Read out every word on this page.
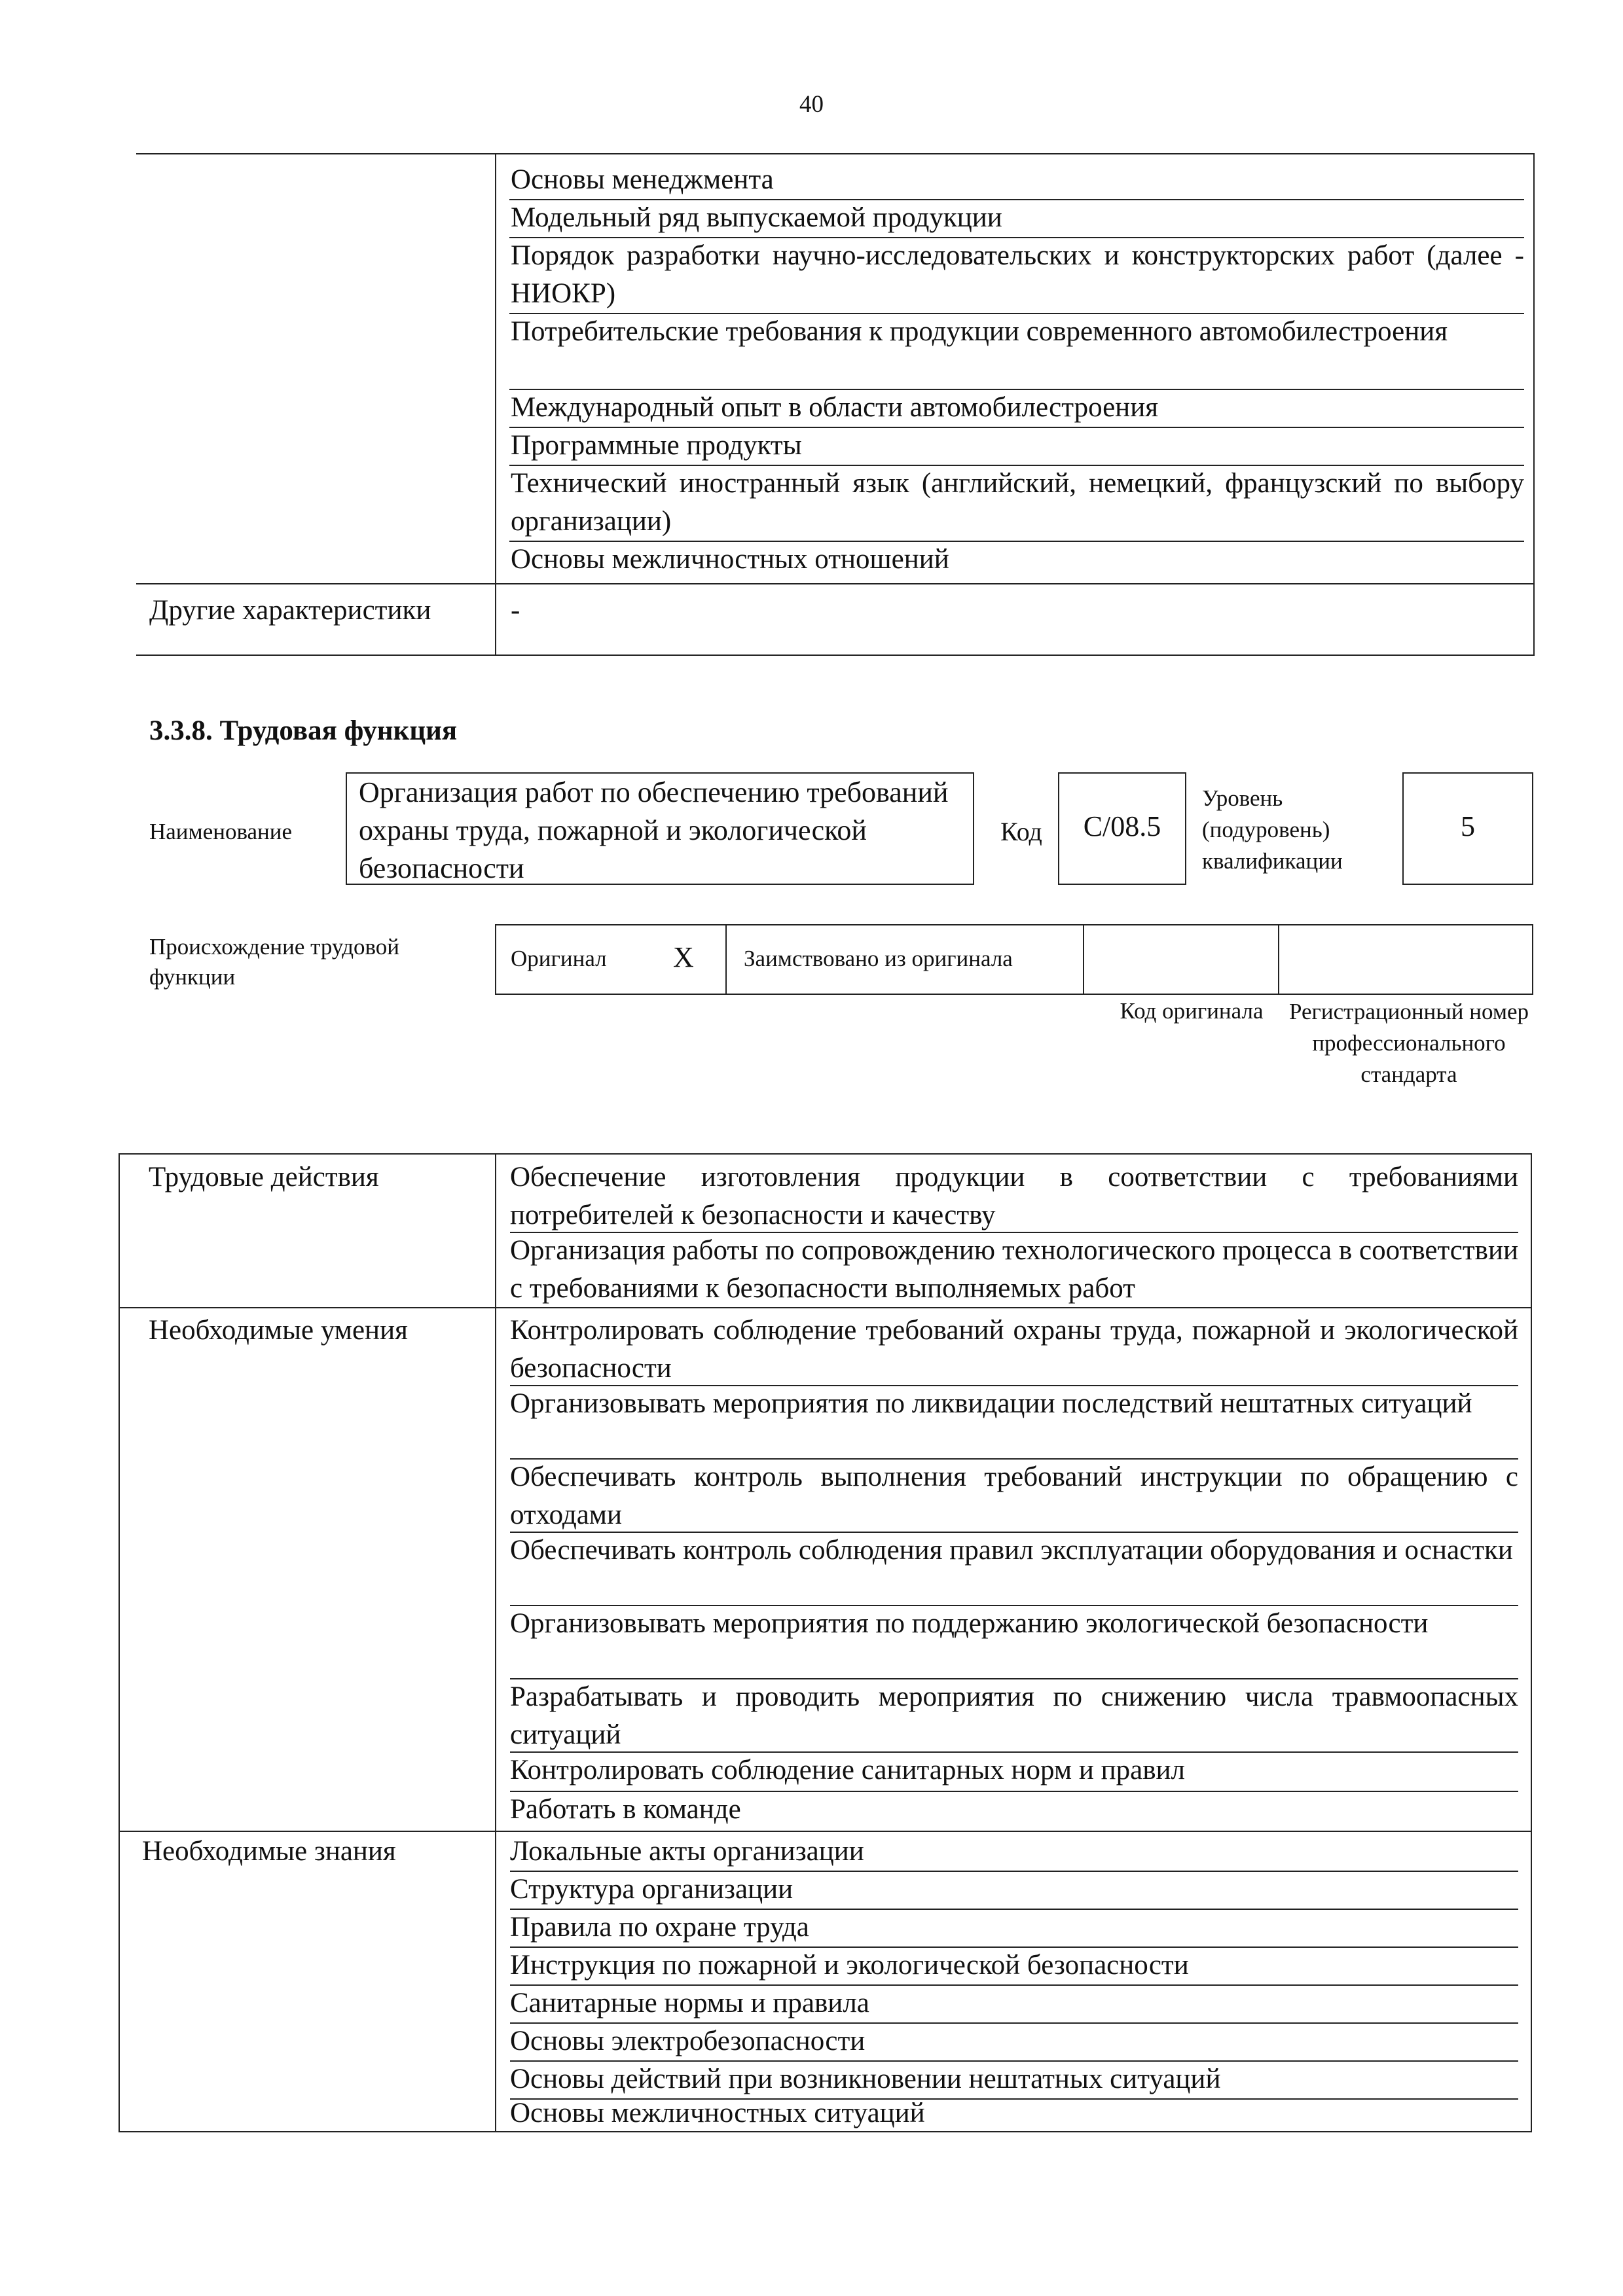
40
Основы менеджмента
Модельный ряд выпускаемой продукции
Порядок разработки научно-исследовательских и конструкторских работ (далее - НИОКР)
Потребительские требования к продукции современного автомобилестроения
Международный опыт в области автомобилестроения
Программные продукты
Технический иностранный язык (английский, немецкий, французский по выбору организации)
Основы межличностных отношений
Другие характеристики	-
3.3.8. Трудовая функция
Наименование
Организация работ по обеспечению требований охраны труда, пожарной и экологической безопасности
Код	С/08.5
Уровень (подуровень) квалификации
5
Происхождение трудовой функции
Оригинал X Заимствовано из оригинала
Код оригинала Регистрационный номер профессионального стандарта
Трудовые действия	Обеспечение изготовления продукции в соответствии с требованиями потребителей к безопасности и качеству
Организация работы по сопровождению технологического процесса в соответствии с требованиями к безопасности выполняемых работ
Необходимые умения	Контролировать соблюдение требований охраны труда, пожарной и экологической безопасности
Организовывать мероприятия по ликвидации последствий нештатных ситуаций
Обеспечивать контроль выполнения требований инструкции по обращению с отходами
Обеспечивать контроль соблюдения правил эксплуатации оборудования и оснастки
Организовывать мероприятия по поддержанию экологической безопасности
Разрабатывать и проводить мероприятия по снижению числа травмоопасных ситуаций
Контролировать соблюдение санитарных норм и правил
Работать в команде
Необходимые знания	Локальные акты организации
Структура организации
Правила по охране труда
Инструкция по пожарной и экологической безопасности
Санитарные нормы и правила
Основы электробезопасности
Основы действий при возникновении нештатных ситуаций
Основы межличностных ситуаций
